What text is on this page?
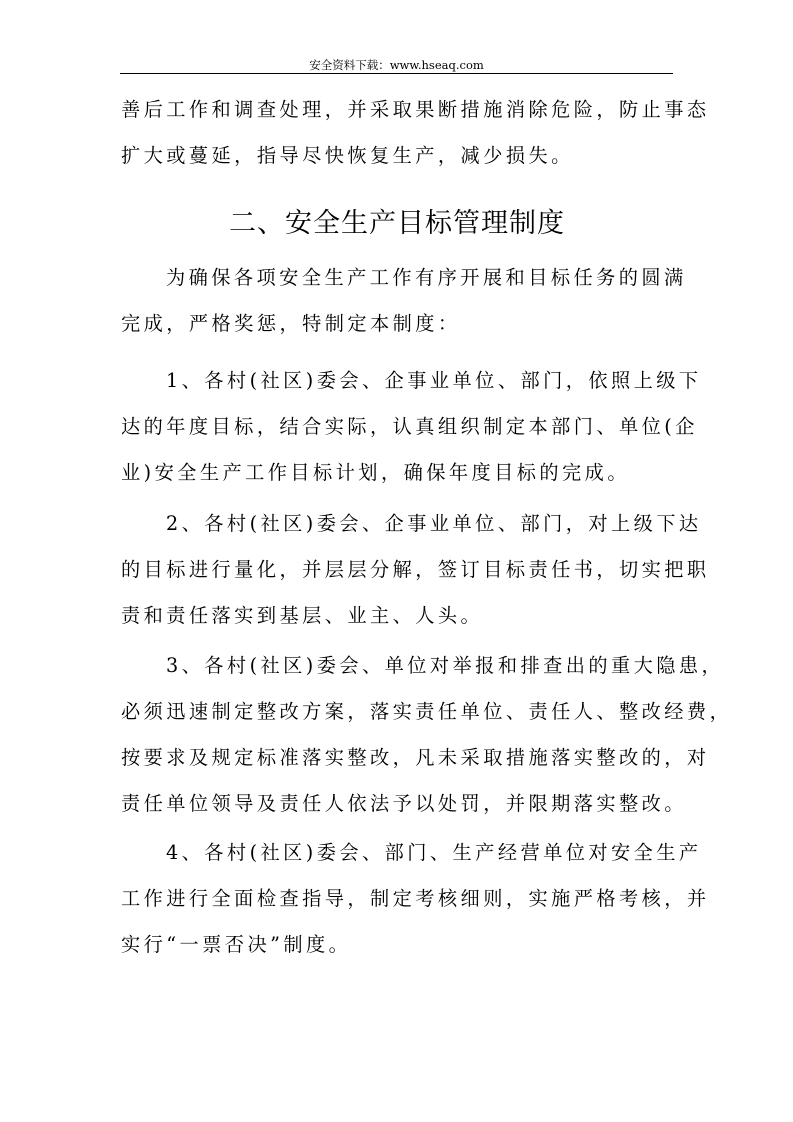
安全资料下载：www.hseaq.com
善后工作和调查处理，并采取果断措施消除危险，防止事态
扩大或蔓延，指导尽快恢复生产，减少损失。
二、安全生产目标管理制度
为确保各项安全生产工作有序开展和目标任务的圆满
完成，严格奖惩，特制定本制度：
1、各村(社区)委会、企事业单位、部门，依照上级下
达的年度目标，结合实际，认真组织制定本部门、单位(企
业)安全生产工作目标计划，确保年度目标的完成。
2、各村(社区)委会、企事业单位、部门，对上级下达
的目标进行量化，并层层分解，签订目标责任书，切实把职
责和责任落实到基层、业主、人头。
3、各村(社区)委会、单位对举报和排查出的重大隐患，
必须迅速制定整改方案，落实责任单位、责任人、整改经费，
按要求及规定标准落实整改，凡未采取措施落实整改的，对
责任单位领导及责任人依法予以处罚，并限期落实整改。
4、各村(社区)委会、部门、生产经营单位对安全生产
工作进行全面检查指导，制定考核细则，实施严格考核，并
实行“一票否决”制度。
